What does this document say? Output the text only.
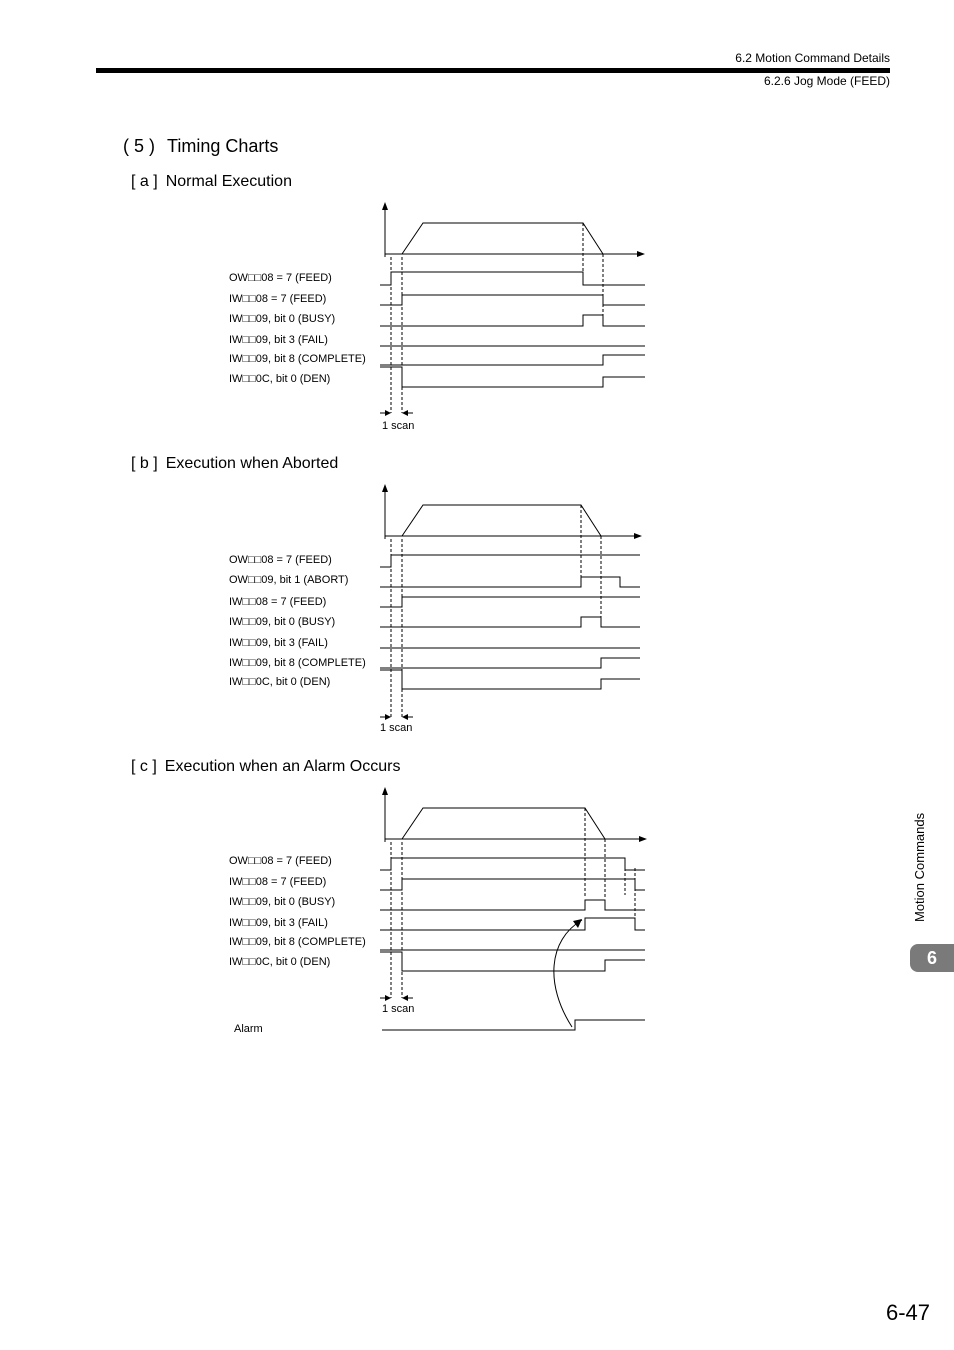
6.2 Motion Command Details
6.2.6 Jog Mode (FEED)
( 5 ) Timing Charts
[ a ] Normal Execution
OW□□08 = 7 (FEED)
IW□□08 = 7 (FEED)
IW□□09, bit 0 (BUSY)
IW□□09, bit 3 (FAIL)
IW□□09, bit 8 (COMPLETE)
IW□□0C, bit 0 (DEN)
1 scan
[ b ] Execution when Aborted
OW□□08 = 7 (FEED)
OW□□09, bit 1 (ABORT)
IW□□08 = 7 (FEED)
IW□□09, bit 0 (BUSY)
IW□□09, bit 3 (FAIL)
IW□□09, bit 8 (COMPLETE)
IW□□0C, bit 0 (DEN)
1 scan
[ c ] Execution when an Alarm Occurs
OW□□08 = 7 (FEED)
IW□□08 = 7 (FEED)
IW□□09, bit 0 (BUSY)
IW□□09, bit 3 (FAIL)
IW□□09, bit 8 (COMPLETE)
IW□□0C, bit 0 (DEN)
1 scan
Alarm
Motion Commands
6
6-47
